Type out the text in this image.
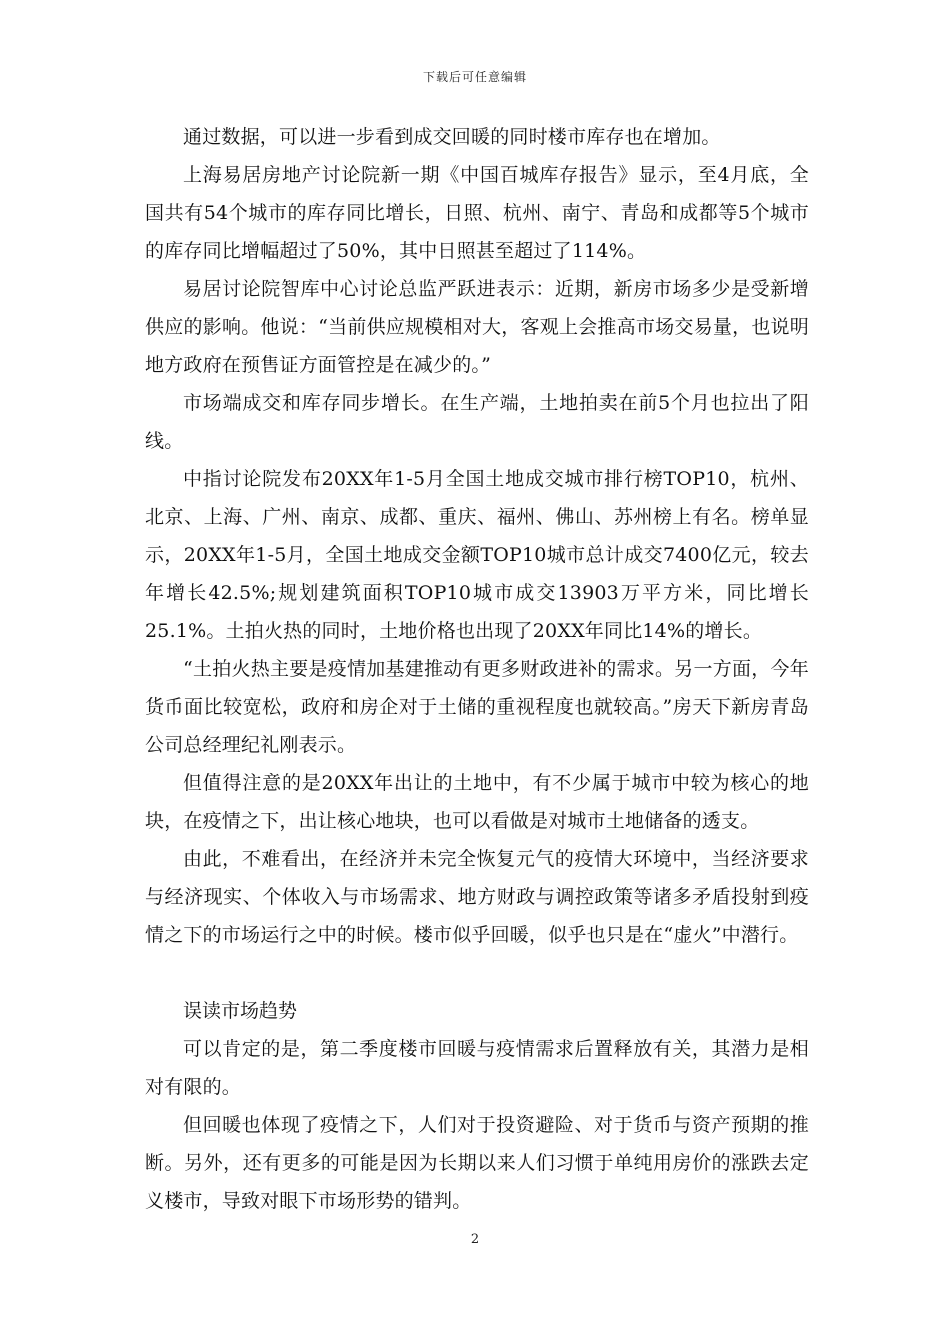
下载后可任意编辑

通过数据，可以进一步看到成交回暖的同时楼市库存也在增加。

上海易居房地产讨论院新一期《中国百城库存报告》显示，至4月底，全国共有54个城市的库存同比增长，日照、杭州、南宁、青岛和成都等5个城市的库存同比增幅超过了50%，其中日照甚至超过了114%。

易居讨论院智库中心讨论总监严跃进表示：近期，新房市场多少是受新增供应的影响。他说：“当前供应规模相对大，客观上会推高市场交易量，也说明地方政府在预售证方面管控是在减少的。”

市场端成交和库存同步增长。在生产端，土地拍卖在前5个月也拉出了阳线。

中指讨论院发布20XX年1-5月全国土地成交城市排行榜TOP10，杭州、北京、上海、广州、南京、成都、重庆、福州、佛山、苏州榜上有名。榜单显示，20XX年1-5月，全国土地成交金额TOP10城市总计成交7400亿元，较去年增长42.5%;规划建筑面积TOP10城市成交13903万平方米，同比增长25.1%。土拍火热的同时，土地价格也出现了20XX年同比14%的增长。

“土拍火热主要是疫情加基建推动有更多财政进补的需求。另一方面，今年货币面比较宽松，政府和房企对于土储的重视程度也就较高。”房天下新房青岛公司总经理纪礼刚表示。

但值得注意的是20XX年出让的土地中，有不少属于城市中较为核心的地块，在疫情之下，出让核心地块，也可以看做是对城市土地储备的透支。

由此，不难看出，在经济并未完全恢复元气的疫情大环境中，当经济要求与经济现实、个体收入与市场需求、地方财政与调控政策等诸多矛盾投射到疫情之下的市场运行之中的时候。楼市似乎回暖，似乎也只是在“虚火”中潜行。

误读市场趋势

可以肯定的是，第二季度楼市回暖与疫情需求后置释放有关，其潜力是相对有限的。

但回暖也体现了疫情之下，人们对于投资避险、对于货币与资产预期的推断。另外，还有更多的可能是因为长期以来人们习惯于单纯用房价的涨跌去定义楼市，导致对眼下市场形势的错判。

2
